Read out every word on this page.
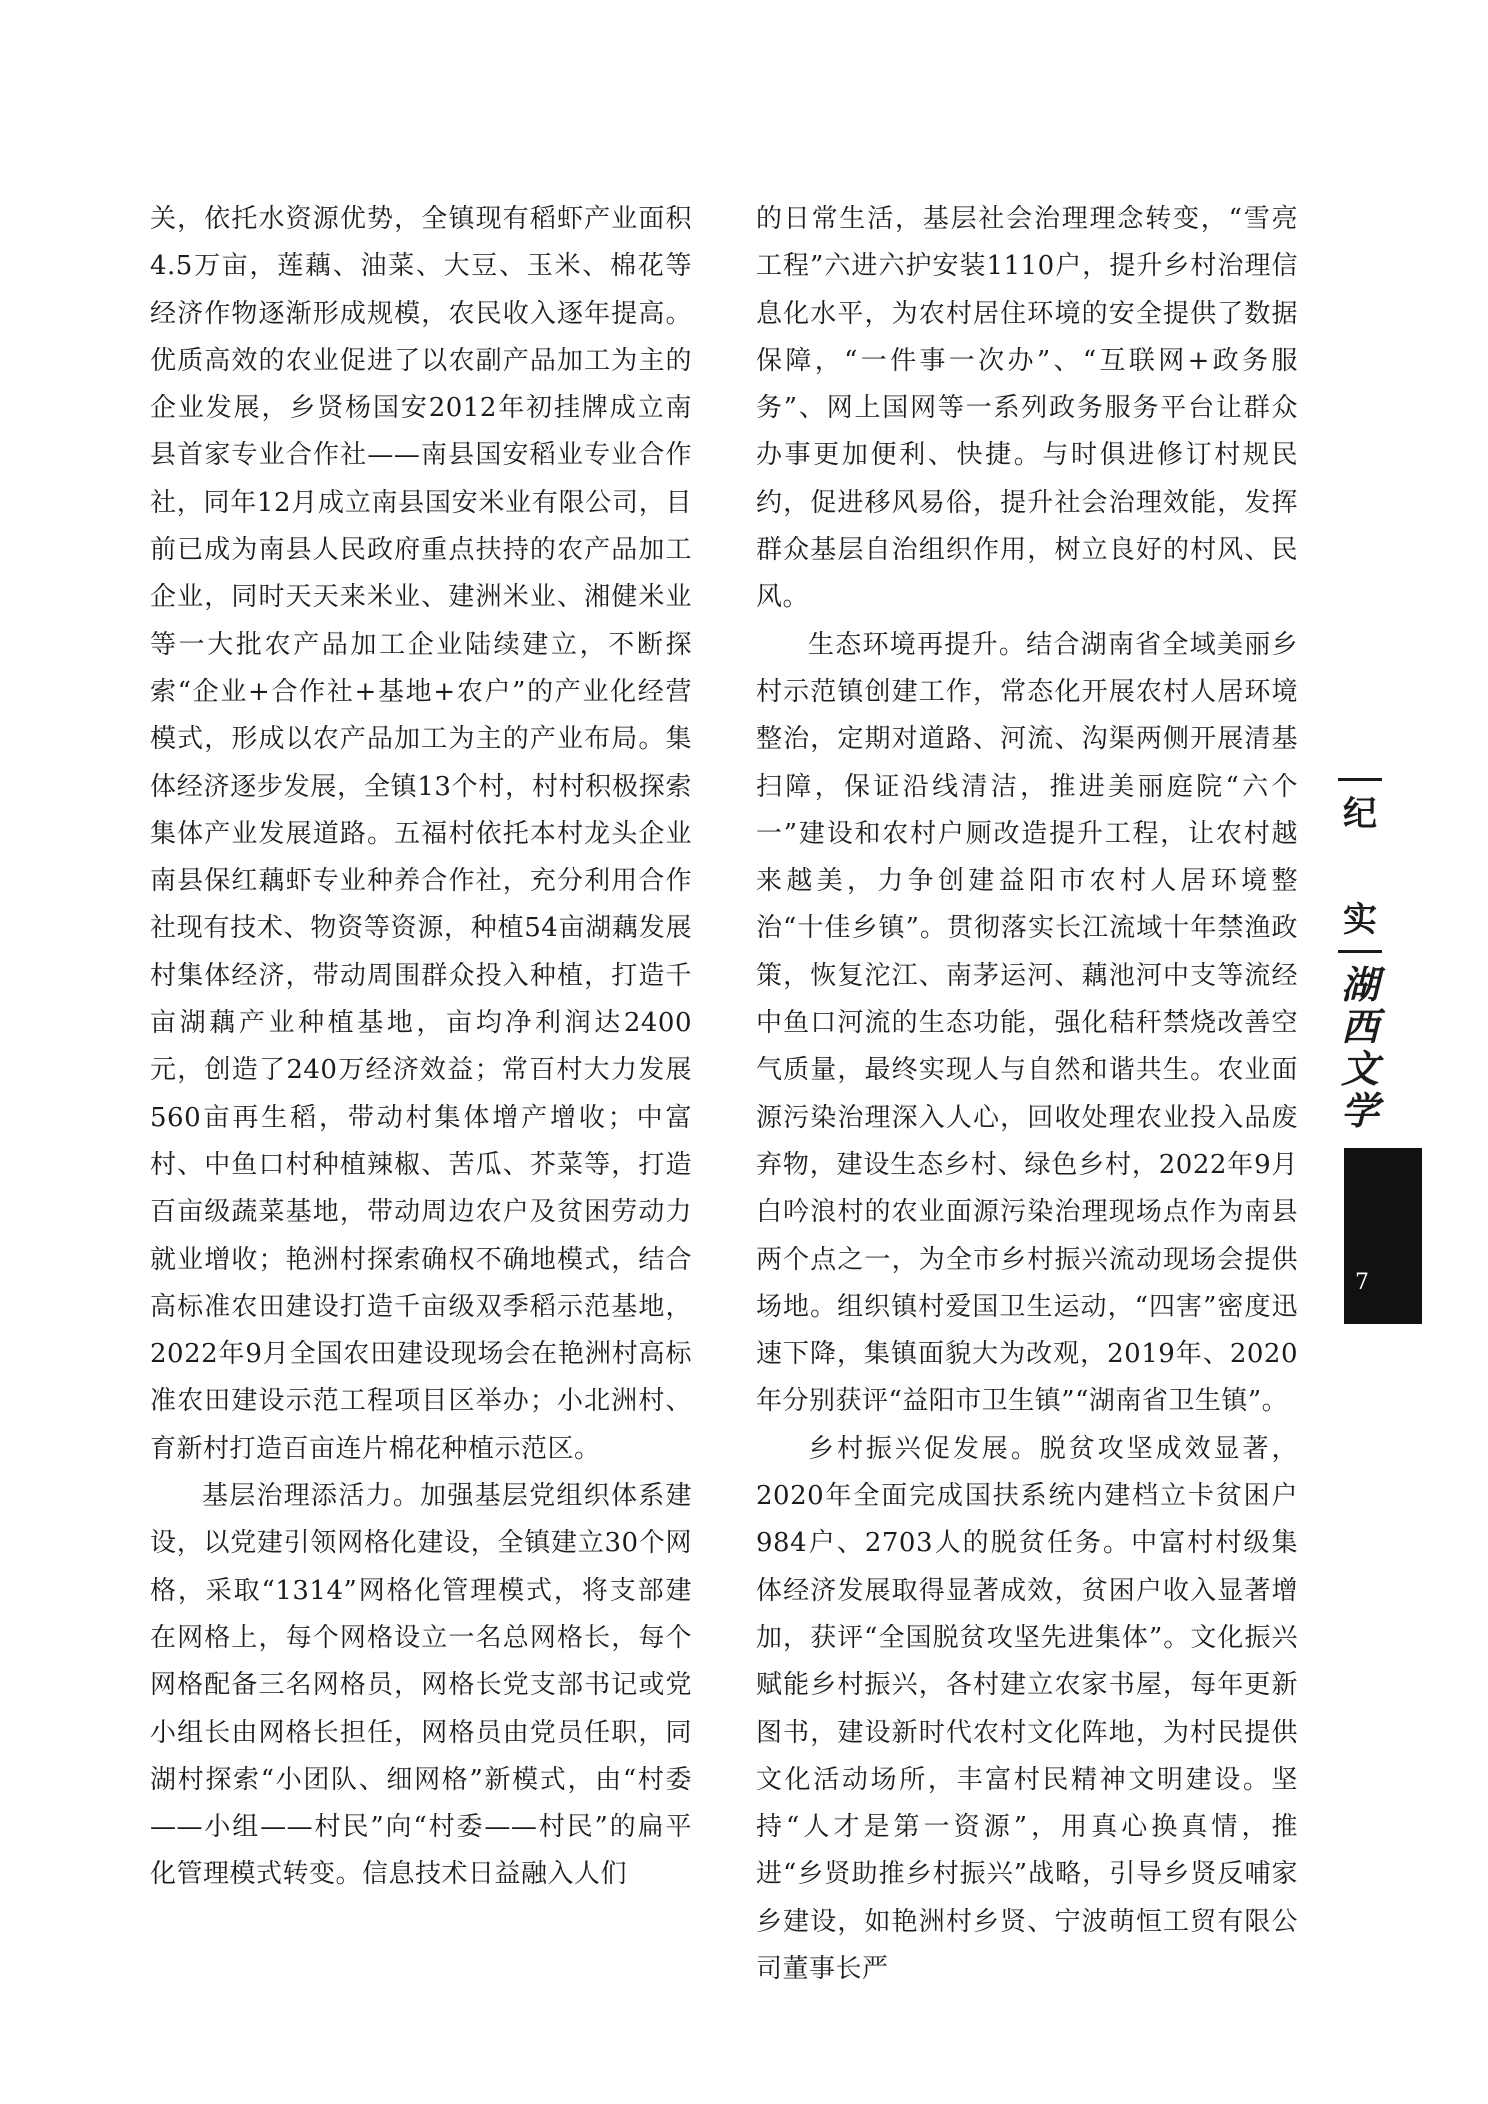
关，依托水资源优势，全镇现有稻虾产业面积4.5万亩，莲藕、油菜、大豆、玉米、棉花等经济作物逐渐形成规模，农民收入逐年提高。优质高效的农业促进了以农副产品加工为主的企业发展，乡贤杨国安2012年初挂牌成立南县首家专业合作社——南县国安稻业专业合作社，同年12月成立南县国安米业有限公司，目前已成为南县人民政府重点扶持的农产品加工企业，同时天天来米业、建洲米业、湘健米业等一大批农产品加工企业陆续建立，不断探索“企业+合作社+基地+农户”的产业化经营模式，形成以农产品加工为主的产业布局。集体经济逐步发展，全镇13个村，村村积极探索集体产业发展道路。五福村依托本村龙头企业南县保红藕虾专业种养合作社，充分利用合作社现有技术、物资等资源，种植54亩湖藕发展村集体经济，带动周围群众投入种植，打造千亩湖藕产业种植基地，亩均净利润达2400元，创造了240万经济效益；常百村大力发展560亩再生稻，带动村集体增产增收；中富村、中鱼口村种植辣椒、苦瓜、芥菜等，打造百亩级蔬菜基地，带动周边农户及贫困劳动力就业增收；艳洲村探索确权不确地模式，结合高标准农田建设打造千亩级双季稻示范基地，2022年9月全国农田建设现场会在艳洲村高标准农田建设示范工程项目区举办；小北洲村、育新村打造百亩连片棉花种植示范区。

基层治理添活力。加强基层党组织体系建设，以党建引领网格化建设，全镇建立30个网格，采取“1314”网格化管理模式，将支部建在网格上，每个网格设立一名总网格长，每个网格配备三名网格员，网格长党支部书记或党小组长由网格长担任，网格员由党员任职，同湖村探索“小团队、细网格”新模式，由“村委——小组——村民”向“村委——村民”的扁平化管理模式转变。信息技术日益融入人们

的日常生活，基层社会治理理念转变，“雪亮工程”六进六护安装1110户，提升乡村治理信息化水平，为农村居住环境的安全提供了数据保障，“一件事一次办”、“互联网+政务服务”、网上国网等一系列政务服务平台让群众办事更加便利、快捷。与时俱进修订村规民约，促进移风易俗，提升社会治理效能，发挥群众基层自治组织作用，树立良好的村风、民风。

生态环境再提升。结合湖南省全域美丽乡村示范镇创建工作，常态化开展农村人居环境整治，定期对道路、河流、沟渠两侧开展清基扫障，保证沿线清洁，推进美丽庭院“六个一”建设和农村户厕改造提升工程，让农村越来越美，力争创建益阳市农村人居环境整治“十佳乡镇”。贯彻落实长江流域十年禁渔政策，恢复沱江、南茅运河、藕池河中支等流经中鱼口河流的生态功能，强化秸秆禁烧改善空气质量，最终实现人与自然和谐共生。农业面源污染治理深入人心，回收处理农业投入品废弃物，建设生态乡村、绿色乡村，2022年9月白吟浪村的农业面源污染治理现场点作为南县两个点之一，为全市乡村振兴流动现场会提供场地。组织镇村爱国卫生运动，“四害”密度迅速下降，集镇面貌大为改观，2019年、2020年分别获评“益阳市卫生镇”“湖南省卫生镇”。

乡村振兴促发展。脱贫攻坚成效显著，2020年全面完成国扶系统内建档立卡贫困户984户、2703人的脱贫任务。中富村村级集体经济发展取得显著成效，贫困户收入显著增加，获评“全国脱贫攻坚先进集体”。文化振兴赋能乡村振兴，各村建立农家书屋，每年更新图书，建设新时代农村文化阵地，为村民提供文化活动场所，丰富村民精神文明建设。坚持“人才是第一资源”，用真心换真情，推进“乡贤助推乡村振兴”战略，引导乡贤反哺家乡建设，如艳洲村乡贤、宁波萌恒工贸有限公司董事长严

纪
实
湖
西
文
学
7
